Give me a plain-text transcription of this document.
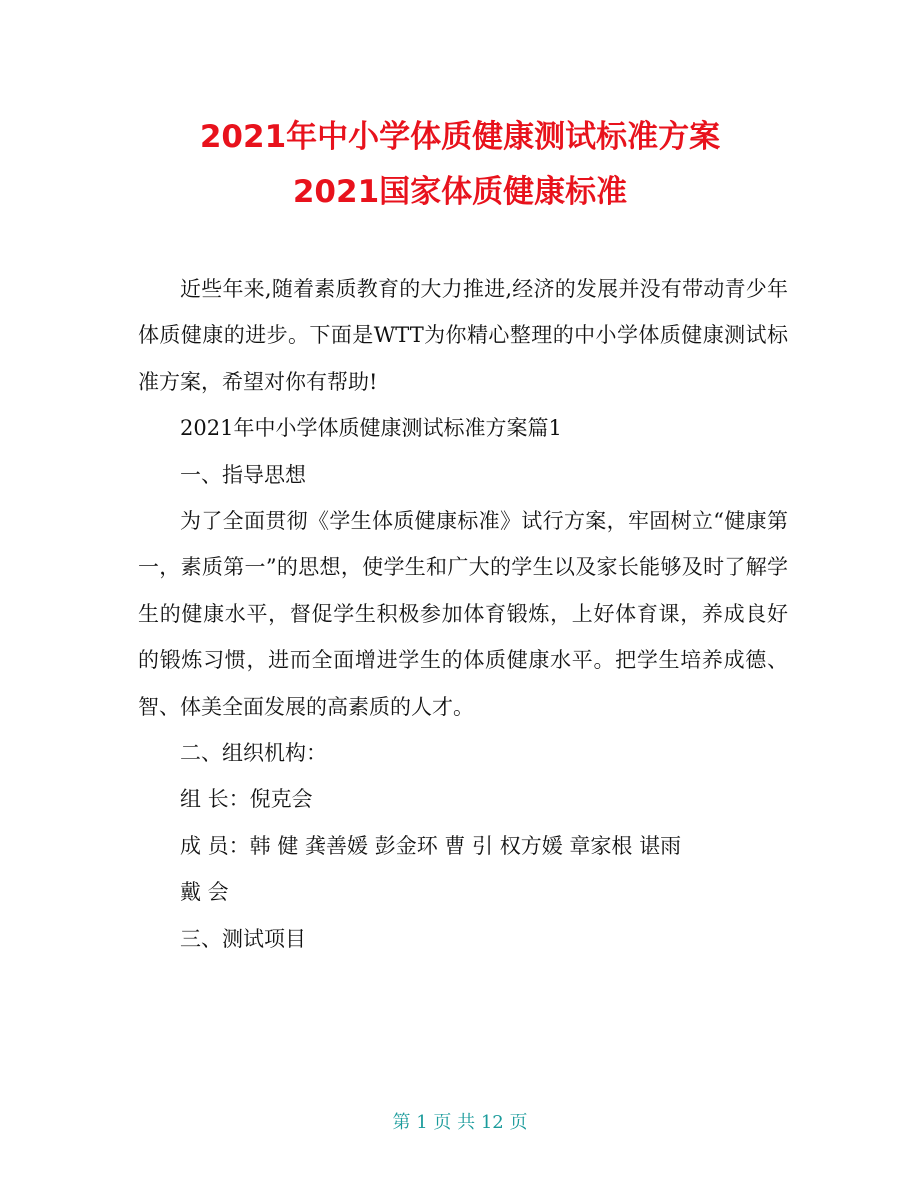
2021年中小学体质健康测试标准方案
2021国家体质健康标准

近些年来,随着素质教育的大力推进,经济的发展并没有带动青少年体质健康的进步。下面是WTT为你精心整理的中小学体质健康测试标准方案，希望对你有帮助!

2021年中小学体质健康测试标准方案篇1

一、指导思想

为了全面贯彻《学生体质健康标准》试行方案，牢固树立“健康第一，素质第一”的思想，使学生和广大的学生以及家长能够及时了解学生的健康水平，督促学生积极参加体育锻炼，上好体育课，养成良好的锻炼习惯，进而全面增进学生的体质健康水平。把学生培养成德、智、体美全面发展的高素质的人才。

二、组织机构：

组 长：倪克会

成 员：韩 健 龚善媛 彭金环 曹 引 权方媛 章家根 谌雨

戴 会

三、测试项目

第 1 页 共 12 页
